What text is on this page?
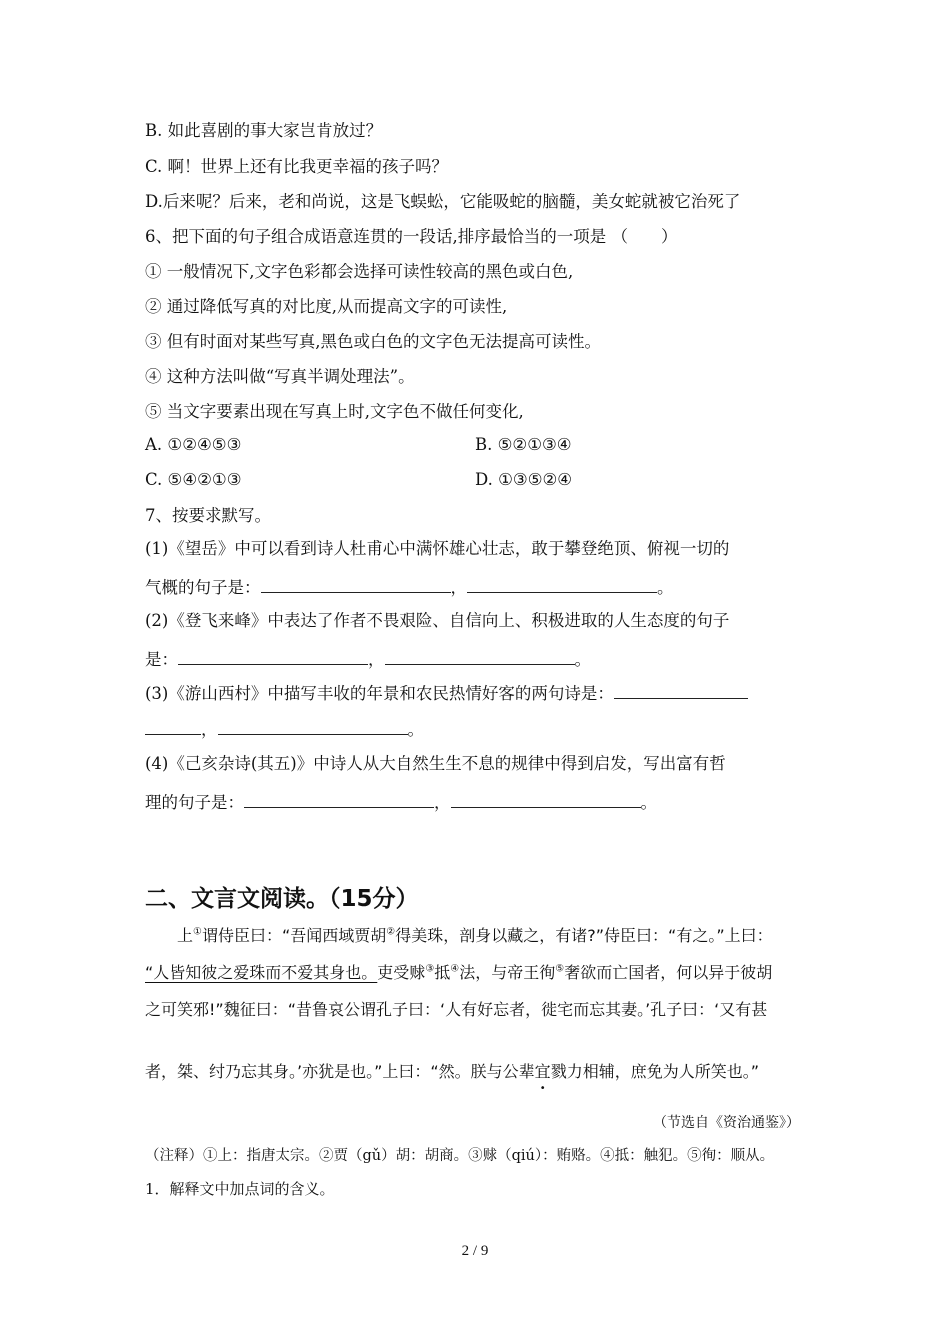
B. 如此喜剧的事大家岂肯放过？
C. 啊！世界上还有比我更幸福的孩子吗？
D.后来呢？后来，老和尚说，这是飞蜈蚣，它能吸蛇的脑髓，美女蛇就被它治死了
6、把下面的句子组合成语意连贯的一段话,排序最恰当的一项是 （　　）
① 一般情况下,文字色彩都会选择可读性较高的黑色或白色,
② 通过降低写真的对比度,从而提高文字的可读性,
③ 但有时面对某些写真,黑色或白色的文字色无法提高可读性。
④ 这种方法叫做“写真半调处理法”。
⑤ 当文字要素出现在写真上时,文字色不做任何变化,
A. ①②④⑤③	B. ⑤②①③④
C. ⑤④②①③	D. ①③⑤②④
7、按要求默写。
(1)《望岳》中可以看到诗人杜甫心中满怀雄心壮志，敢于攀登绝顶、俯视一切的
气概的句子是：	，	。
(2)《登飞来峰》中表达了作者不畏艰险、自信向上、积极进取的人生态度的句子
是：	，	。
(3)《游山西村》中描写丰收的年景和农民热情好客的两句诗是：
，	。
(4)《己亥杂诗(其五)》中诗人从大自然生生不息的规律中得到启发，写出富有哲
理的句子是：	，	。
二、文言文阅读。（15分）
上①谓侍臣曰：“吾闻西域贾胡②得美珠，剖身以藏之，有诸?”侍臣曰：“有之。”上曰：
“人皆知彼之爱珠而不爱其身也。吏受赇③抵④法，与帝王徇⑤奢欲而亡国者，何以异于彼胡
之可笑邪!”魏征曰：“昔鲁哀公谓孔子曰：‘人有好忘者，徙宅而忘其妻。’孔子曰：‘又有甚
者，桀、纣乃忘其身。’亦犹是也。”上曰：“然。朕与公辈宜戮力相辅，庶免为人所笑也。”
（节选自《资治通鉴》）
（注释）①上：指唐太宗。②贾（gǔ）胡：胡商。③赇（qiú）：贿赂。④抵：触犯。⑤徇：顺从。
1．解释文中加点词的含义。
2 / 9
